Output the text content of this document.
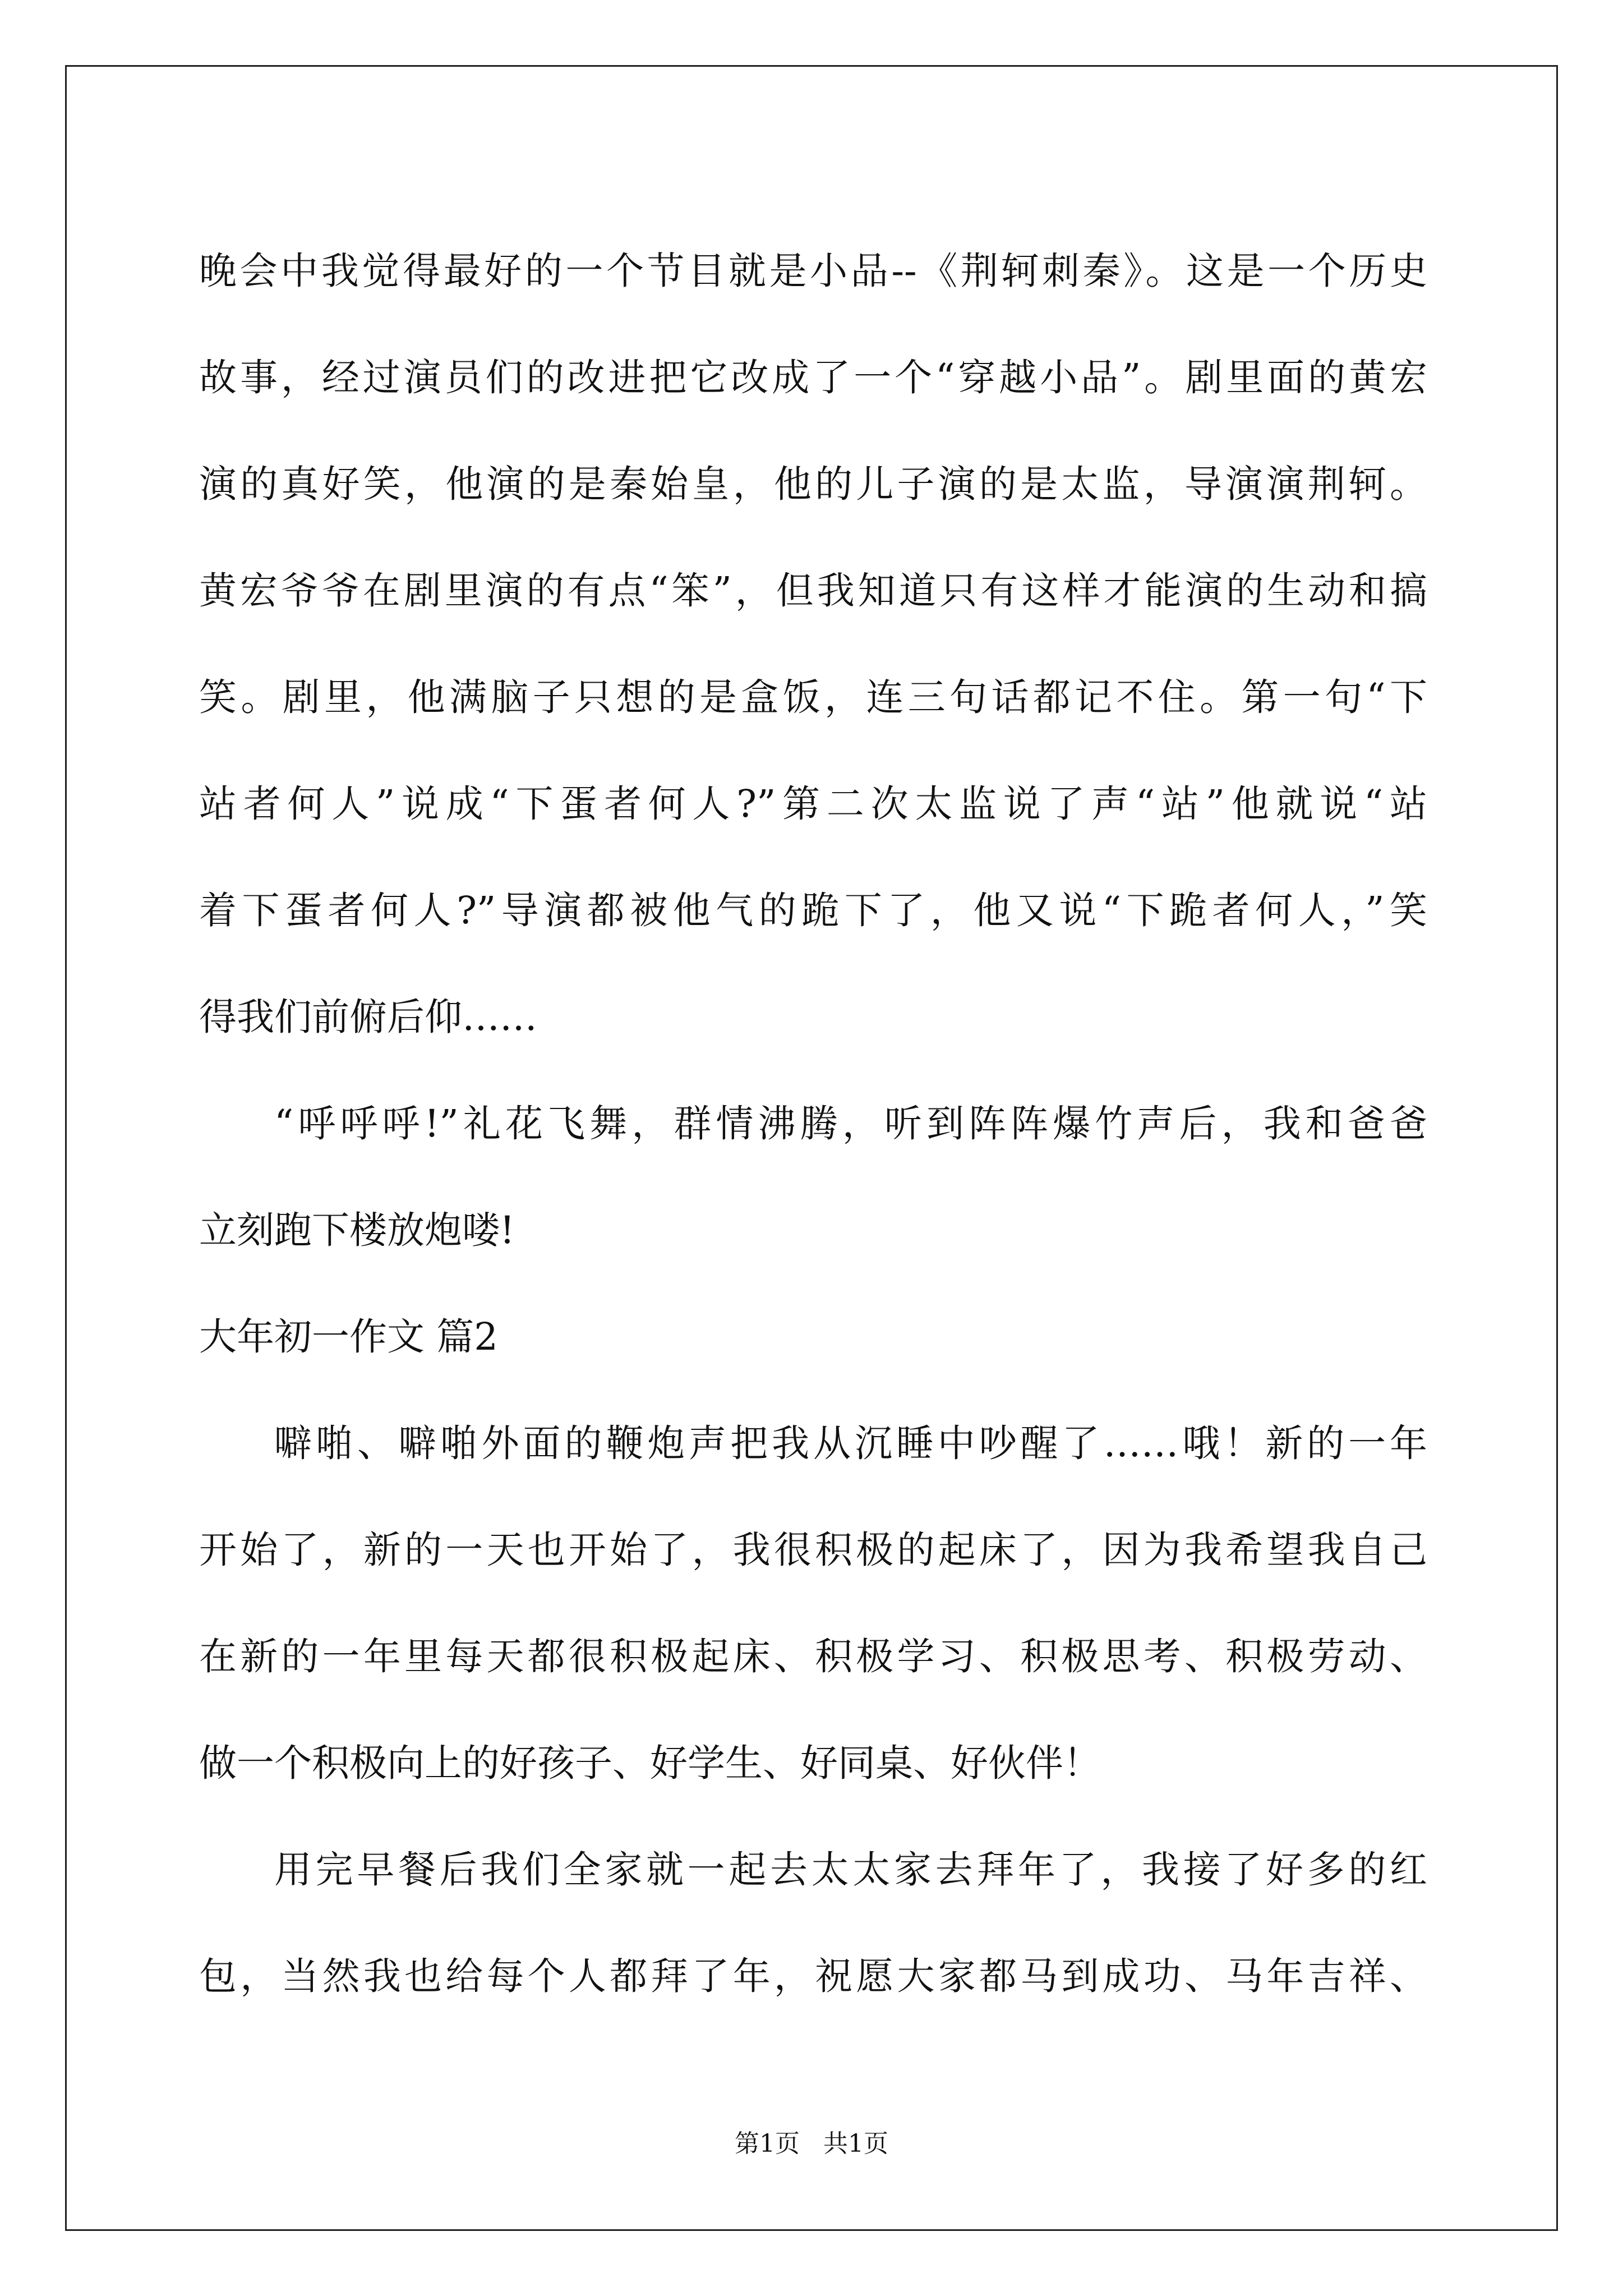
晚会中我觉得最好的一个节目就是小品--《荆轲刺秦》。这是一个历史
故事，经过演员们的改进把它改成了一个“穿越小品”。剧里面的黄宏
演的真好笑，他演的是秦始皇，他的儿子演的是太监，导演演荆轲。
黄宏爷爷在剧里演的有点“笨”，但我知道只有这样才能演的生动和搞
笑。剧里，他满脑子只想的是盒饭，连三句话都记不住。第一句“下
站者何人”说成“下蛋者何人?”第二次太监说了声“站”他就说“站
着下蛋者何人?”导演都被他气的跪下了，他又说“下跪者何人，”笑
得我们前俯后仰……
“呼呼呼!”礼花飞舞，群情沸腾，听到阵阵爆竹声后，我和爸爸
立刻跑下楼放炮喽!
大年初一作文 篇2
噼啪、噼啪外面的鞭炮声把我从沉睡中吵醒了……哦！新的一年
开始了，新的一天也开始了，我很积极的起床了，因为我希望我自己
在新的一年里每天都很积极起床、积极学习、积极思考、积极劳动、
做一个积极向上的好孩子、好学生、好同桌、好伙伴！
用完早餐后我们全家就一起去太太家去拜年了，我接了好多的红
包，当然我也给每个人都拜了年，祝愿大家都马到成功、马年吉祥、
第1页 共1页
